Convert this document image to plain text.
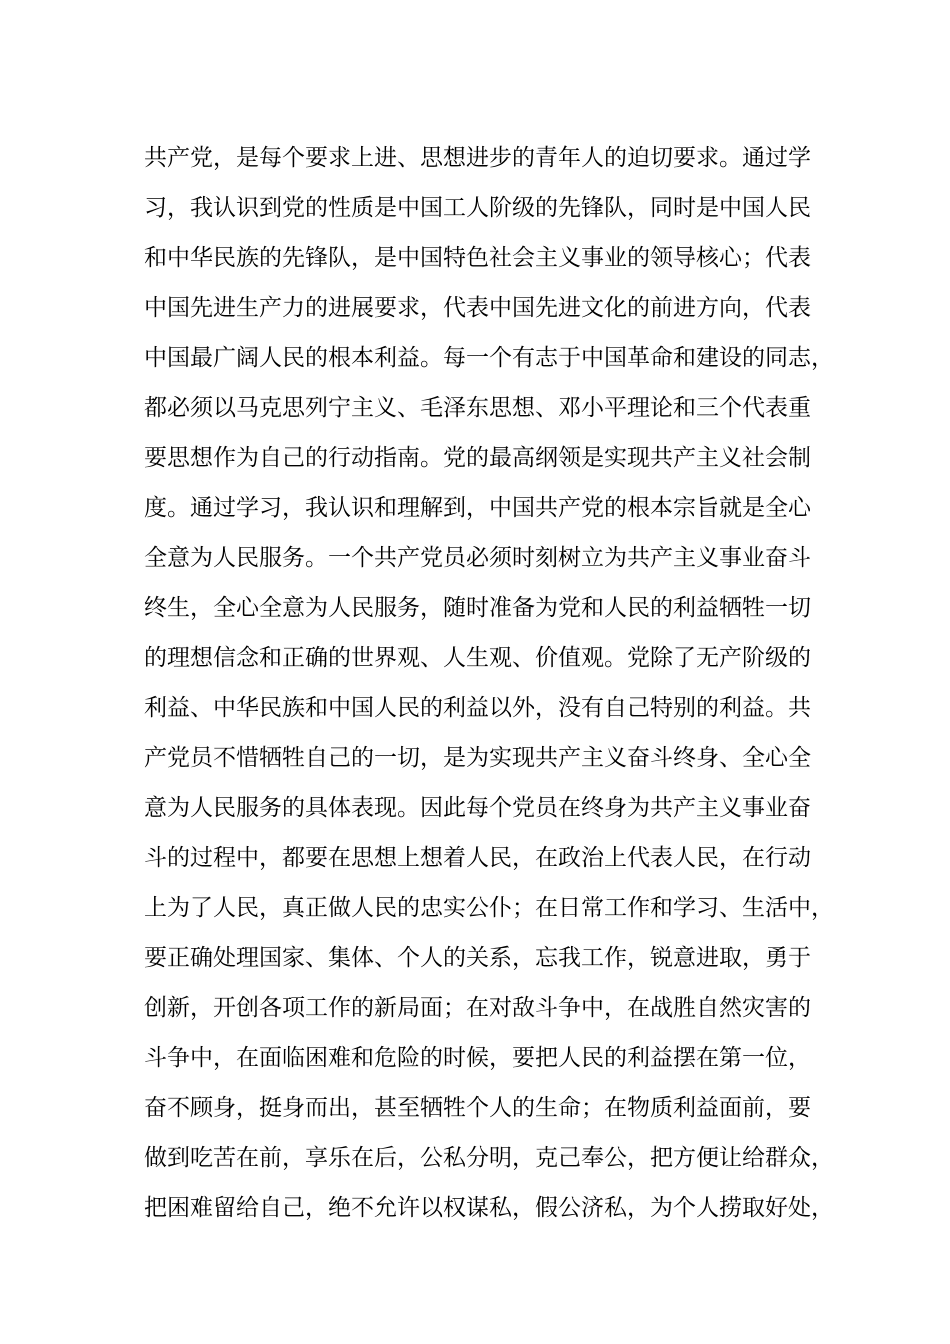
共产党，是每个要求上进、思想进步的青年人的迫切要求。通过学
习，我认识到党的性质是中国工人阶级的先锋队，同时是中国人民
和中华民族的先锋队，是中国特色社会主义事业的领导核心；代表
中国先进生产力的进展要求，代表中国先进文化的前进方向，代表
中国最广阔人民的根本利益。每一个有志于中国革命和建设的同志，
都必须以马克思列宁主义、毛泽东思想、邓小平理论和三个代表重
要思想作为自己的行动指南。党的最高纲领是实现共产主义社会制
度。通过学习，我认识和理解到，中国共产党的根本宗旨就是全心
全意为人民服务。一个共产党员必须时刻树立为共产主义事业奋斗
终生，全心全意为人民服务，随时准备为党和人民的利益牺牲一切
的理想信念和正确的世界观、人生观、价值观。党除了无产阶级的
利益、中华民族和中国人民的利益以外，没有自己特别的利益。共
产党员不惜牺牲自己的一切，是为实现共产主义奋斗终身、全心全
意为人民服务的具体表现。因此每个党员在终身为共产主义事业奋
斗的过程中，都要在思想上想着人民，在政治上代表人民，在行动
上为了人民，真正做人民的忠实公仆；在日常工作和学习、生活中，
要正确处理国家、集体、个人的关系，忘我工作，锐意进取，勇于
创新，开创各项工作的新局面；在对敌斗争中，在战胜自然灾害的
斗争中，在面临困难和危险的时候，要把人民的利益摆在第一位，
奋不顾身，挺身而出，甚至牺牲个人的生命；在物质利益面前，要
做到吃苦在前，享乐在后，公私分明，克己奉公，把方便让给群众，
把困难留给自己，绝不允许以权谋私，假公济私，为个人捞取好处，
